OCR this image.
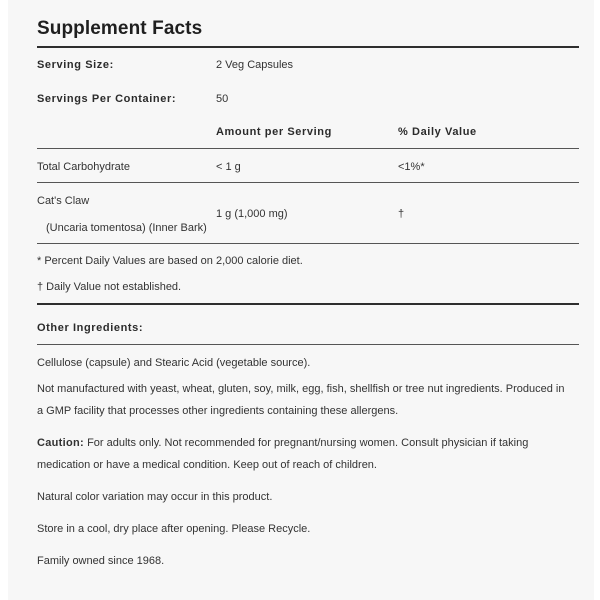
Supplement Facts
Serving Size:	2 Veg Capsules
Servings Per Container:	50
Amount per Serving	% Daily Value
Total Carbohydrate	< 1 g	<1%*
Cat's Claw
(Uncaria tomentosa) (Inner Bark)
1 g (1,000 mg)	†
* Percent Daily Values are based on 2,000 calorie diet.
† Daily Value not established.
Other Ingredients:
Cellulose (capsule) and Stearic Acid (vegetable source).
Not manufactured with yeast, wheat, gluten, soy, milk, egg, fish, shellfish or tree nut ingredients. Produced in
a GMP facility that processes other ingredients containing these allergens.
Caution: For adults only. Not recommended for pregnant/nursing women. Consult physician if taking
medication or have a medical condition. Keep out of reach of children.
Natural color variation may occur in this product.
Store in a cool, dry place after opening. Please Recycle.
Family owned since 1968.
